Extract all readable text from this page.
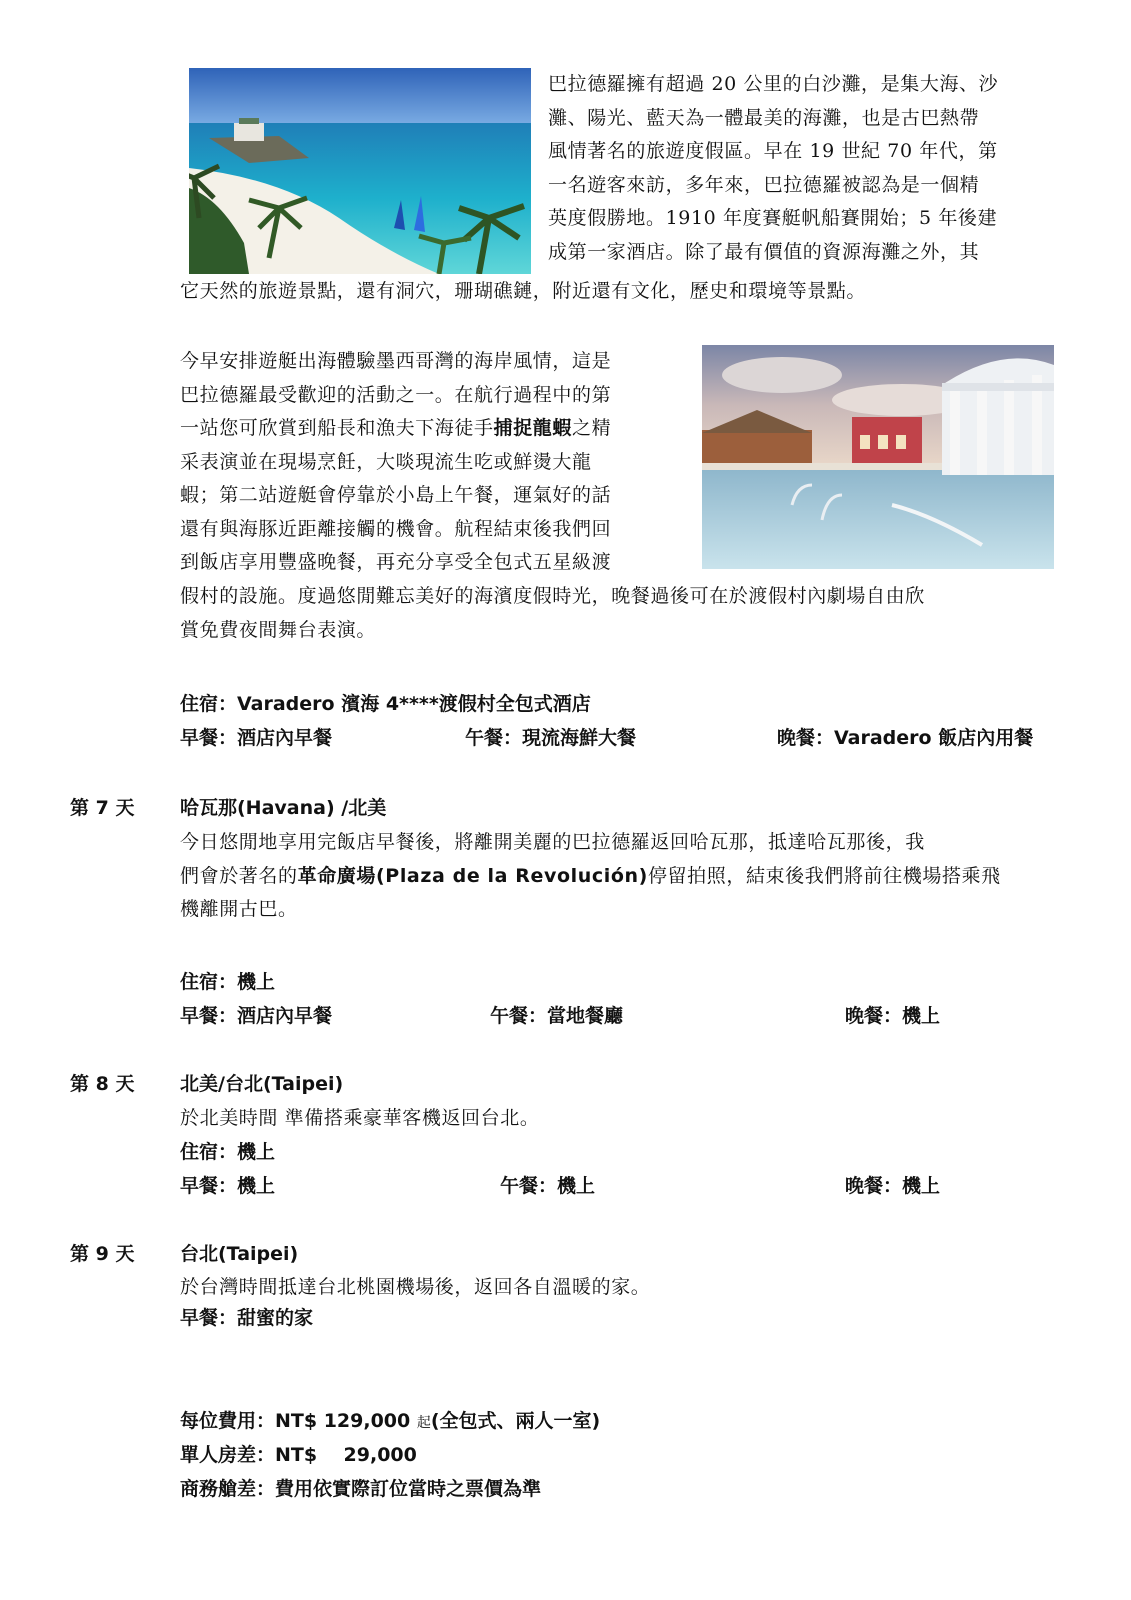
巴拉德羅擁有超過 20 公里的白沙灘，是集大海、沙
灘、陽光、藍天為一體最美的海灘，也是古巴熱帶
風情著名的旅遊度假區。早在 19 世紀 70 年代，第
一名遊客來訪，多年來，巴拉德羅被認為是一個精
英度假勝地。1910 年度賽艇帆船賽開始；5 年後建
成第一家酒店。除了最有價值的資源海灘之外，其
它天然的旅遊景點，還有洞穴，珊瑚礁鏈，附近還有文化，歷史和環境等景點。
今早安排遊艇出海體驗墨西哥灣的海岸風情，這是
巴拉德羅最受歡迎的活動之一。在航行過程中的第
一站您可欣賞到船長和漁夫下海徒手捕捉龍蝦之精
采表演並在現場烹飪，大啖現流生吃或鮮燙大龍
蝦；第二站遊艇會停靠於小島上午餐，運氣好的話
還有與海豚近距離接觸的機會。航程結束後我們回
到飯店享用豐盛晚餐，再充分享受全包式五星級渡
假村的設施。度過悠閒難忘美好的海濱度假時光，晚餐過後可在於渡假村內劇場自由欣
賞免費夜間舞台表演。
住宿：Varadero 濱海 4****渡假村全包式酒店
早餐：酒店內早餐	午餐：現流海鮮大餐	晚餐：Varadero 飯店內用餐
第 7 天 哈瓦那(Havana) /北美
今日悠閒地享用完飯店早餐後，將離開美麗的巴拉德羅返回哈瓦那，抵達哈瓦那後，我
們會於著名的革命廣場(Plaza de la Revolución)停留拍照，結束後我們將前往機場搭乘飛
機離開古巴。
住宿：機上
早餐：酒店內早餐	午餐：當地餐廳	晚餐：機上
第 8 天 北美/台北(Taipei)
於北美時間 準備搭乘豪華客機返回台北。
住宿：機上
早餐：機上	午餐：機上	晚餐：機上
第 9 天 台北(Taipei)
於台灣時間抵達台北桃園機場後，返回各自溫暖的家。
早餐：甜蜜的家
每位費用：NT$ 129,000 起(全包式、兩人一室)
單人房差：NT$    29,000
商務艙差：費用依實際訂位當時之票價為準
